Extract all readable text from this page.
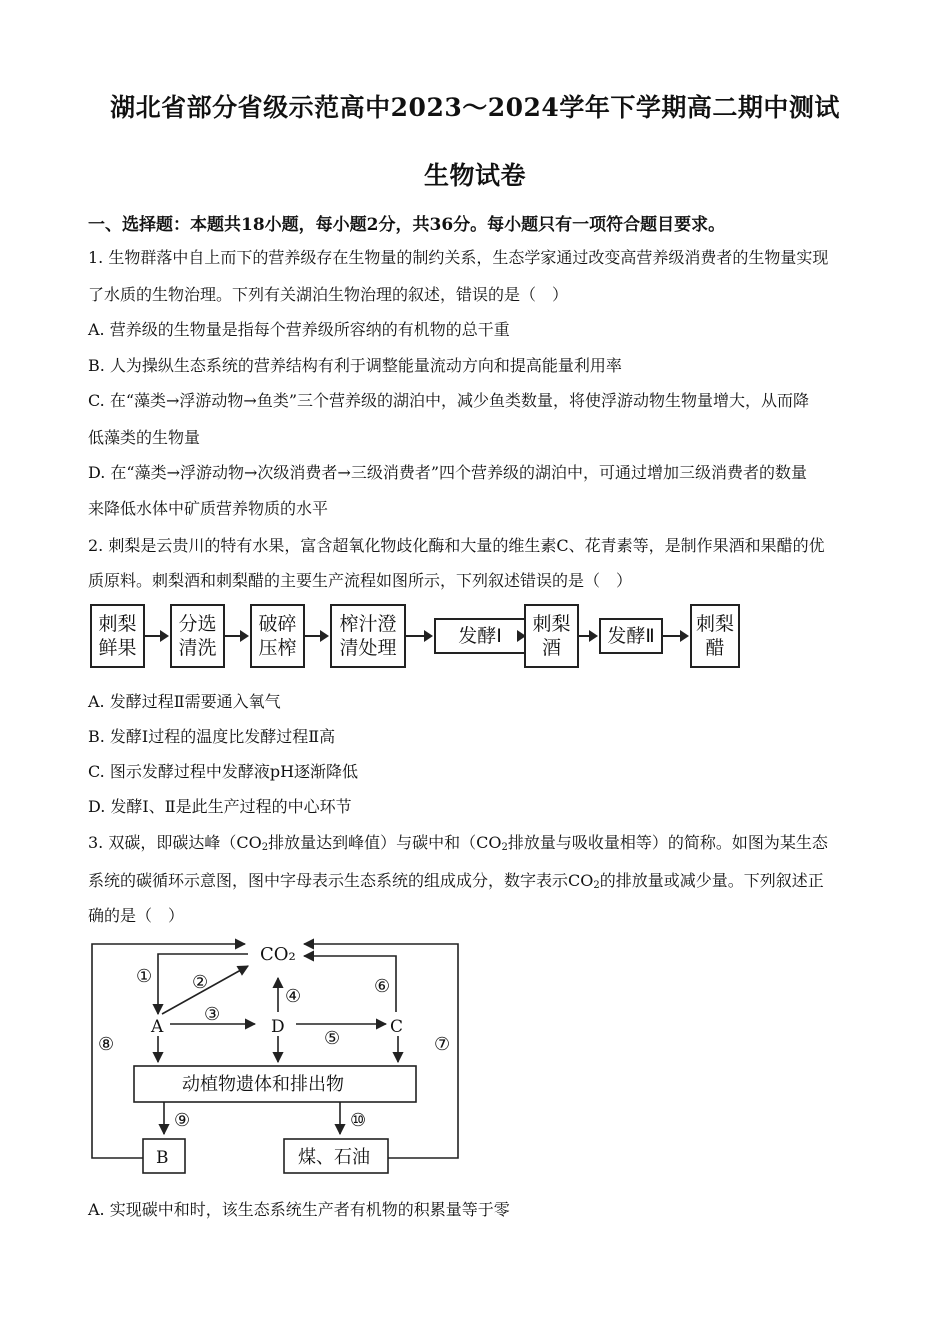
湖北省部分省级示范高中2023～2024学年下学期高二期中测试
生物试卷
一、选择题：本题共18小题，每小题2分，共36分。每小题只有一项符合题目要求。
1. 生物群落中自上而下的营养级存在生物量的制约关系，生态学家通过改变高营养级消费者的生物量实现
了水质的生物治理。下列有关湖泊生物治理的叙述，错误的是（　）
A. 营养级的生物量是指每个营养级所容纳的有机物的总干重
B. 人为操纵生态系统的营养结构有利于调整能量流动方向和提高能量利用率
C. 在“藻类→浮游动物→鱼类”三个营养级的湖泊中，减少鱼类数量，将使浮游动物生物量增大，从而降
低藻类的生物量
D. 在“藻类→浮游动物→次级消费者→三级消费者”四个营养级的湖泊中，可通过增加三级消费者的数量
来降低水体中矿质营养物质的水平
2. 刺梨是云贵川的特有水果，富含超氧化物歧化酶和大量的维生素C、花青素等，是制作果酒和果醋的优
质原料。刺梨酒和刺梨醋的主要生产流程如图所示，下列叙述错误的是（　）
刺梨
鲜果
分选
清洗
破碎
压榨
榨汁澄
清处理
发酵Ⅰ
刺梨
酒
发酵Ⅱ
刺梨
醋
A. 发酵过程Ⅱ需要通入氧气
B. 发酵Ⅰ过程的温度比发酵过程Ⅱ高
C. 图示发酵过程中发酵液pH逐渐降低
D. 发酵Ⅰ、Ⅱ是此生产过程的中心环节
3. 双碳，即碳达峰（$CO_2$排放量达到峰值）与碳中和（$CO_2$排放量与吸收量相等）的简称。如图为某生态
系统的碳循环示意图，图中字母表示生态系统的组成成分，数字表示$CO_2$的排放量或减少量。下列叙述正
确的是（　）
CO₂
A	D	C
B
动植物遗体和排出物
煤、石油
① ②
③
④
⑤
⑥
⑦
⑧
⑨	⑩
A. 实现碳中和时，该生态系统生产者有机物的积累量等于零
